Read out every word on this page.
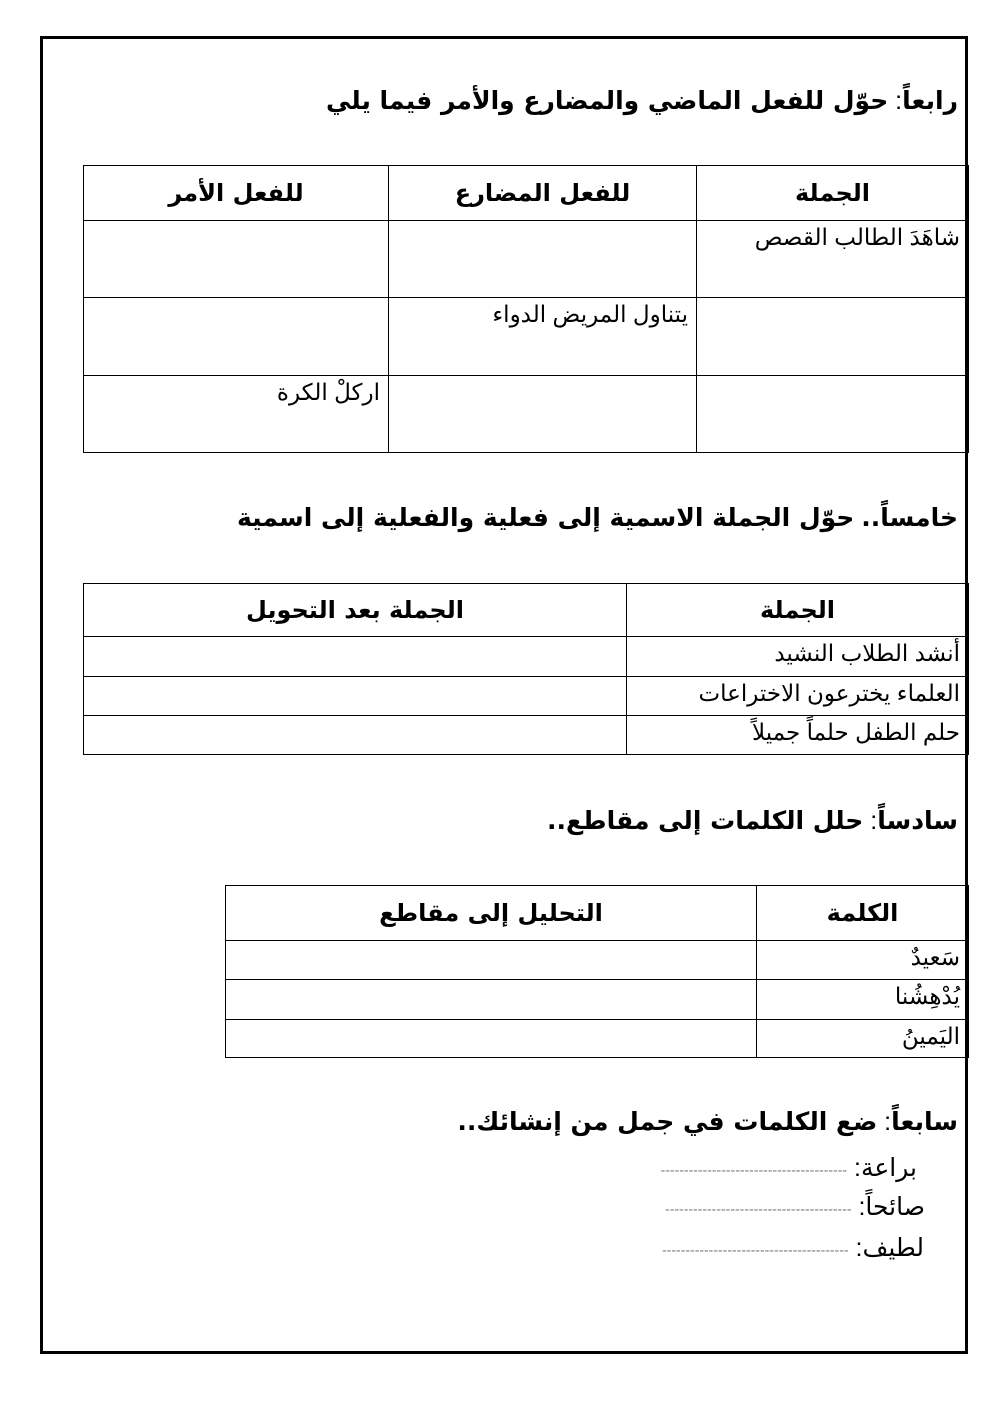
رابعاً: حوّل للفعل الماضي والمضارع والأمر فيما يلي
الجملة	للفعل المضارع	للفعل الأمر
شاهَدَ الطالب القصص		
	يتناول المريض الدواء	
		اركلْ الكرة
خامساً.. حوّل الجملة الاسمية إلى فعلية والفعلية إلى اسمية
الجملة	الجملة بعد التحويل
أنشد الطلاب النشيد	
العلماء يخترعون الاختراعات	
حلم الطفل حلماً جميلاً	
سادساً: حلل الكلمات إلى مقاطع..
الكلمة	التحليل إلى مقاطع
سَعيدٌ	
يُدْهِشُنا	
اليَمينُ	
سابعاً: ضع الكلمات في جمل من إنشائك..
براعة: ----------------------------------------
صائحاً: ----------------------------------------
لطيف: ----------------------------------------
